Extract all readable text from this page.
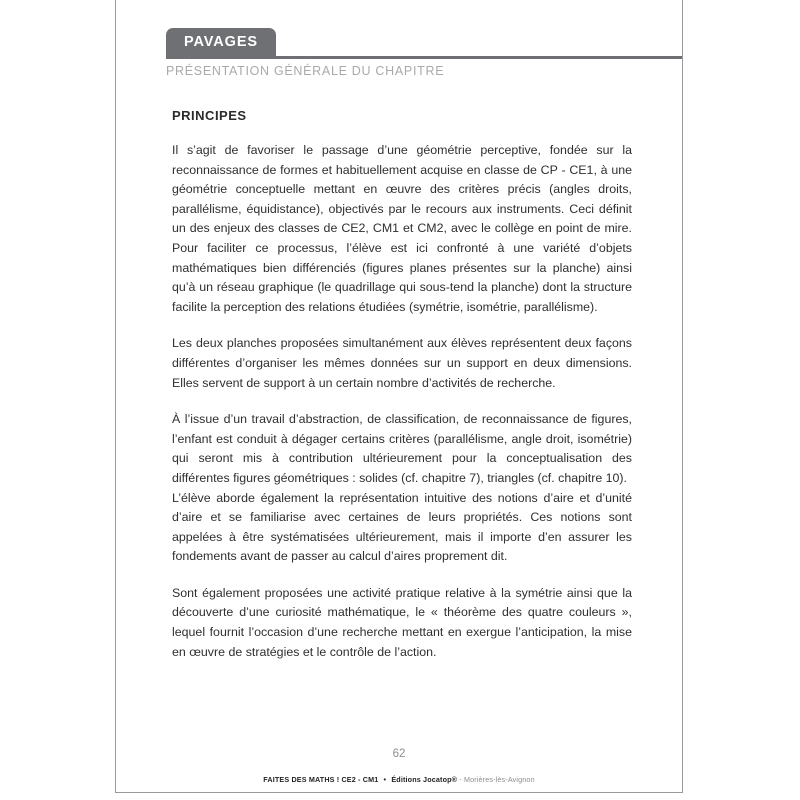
PAVAGES
PRÉSENTATION GÉNÉRALE DU CHAPITRE
PRINCIPES

Il s’agit de favoriser le passage d’une géométrie perceptive, fondée sur la reconnaissance de formes et habituellement acquise en classe de CP - CE1, à une géométrie conceptuelle mettant en œuvre des critères précis (angles droits, parallélisme, équidistance), objectivés par le recours aux instruments. Ceci définit un des enjeux des classes de CE2, CM1 et CM2, avec le collège en point de mire. Pour faciliter ce processus, l’élève est ici confronté à une variété d’objets mathématiques bien différenciés (figures planes présentes sur la planche) ainsi qu’à un réseau graphique (le quadrillage qui sous-tend la planche) dont la structure facilite la perception des relations étudiées (symétrie, isométrie, parallélisme).

Les deux planches proposées simultanément aux élèves représentent deux façons différentes d’organiser les mêmes données sur un support en deux dimensions. Elles servent de support à un certain nombre d’activités de recherche.

À l’issue d’un travail d’abstraction, de classification, de reconnaissance de figures, l’enfant est conduit à dégager certains critères (parallélisme, angle droit, isométrie) qui seront mis à contribution ultérieurement pour la conceptualisation des différentes figures géométriques : solides (cf. chapitre 7), triangles (cf. chapitre 10).

L’élève aborde également la représentation intuitive des notions d’aire et d’unité d’aire et se familiarise avec certaines de leurs propriétés. Ces notions sont appelées à être systématisées ultérieurement, mais il importe d’en assurer les fondements avant de passer au calcul d’aires proprement dit.

Sont également proposées une activité pratique relative à la symétrie ainsi que la découverte d’une curiosité mathématique, le « théorème des quatre couleurs », lequel fournit l’occasion d’une recherche mettant en exergue l’anticipation, la mise en œuvre de stratégies et le contrôle de l’action.

62
FAITES DES MATHS ! CE2 - CM1 • Éditions Jocatop® - Morières-lès-Avignon
